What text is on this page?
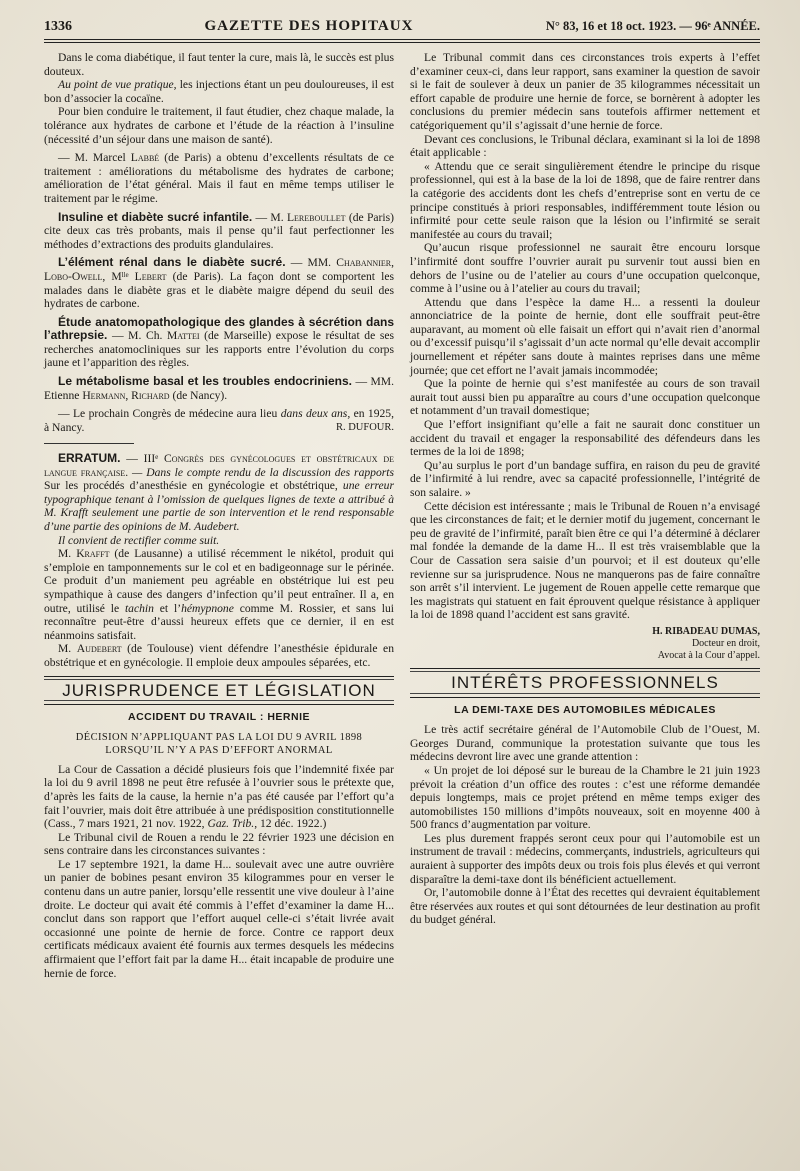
1336	GAZETTE DES HOPITAUX	N° 83, 16 et 18 oct. 1923. — 96ᵉ ANNÉE.

Dans le coma diabétique, il faut tenter la cure, mais là, le succès est plus douteux.

Au point de vue pratique, les injections étant un peu douloureuses, il est bon d’associer la cocaïne.

Pour bien conduire le traitement, il faut étudier, chez chaque malade, la tolérance aux hydrates de carbone et l’étude de la réaction à l’insuline (nécessité d’un séjour dans une maison de santé).

— M. Marcel Labbé (de Paris) a obtenu d’excellents résultats de ce traitement : améliorations du métabolisme des hydrates de carbone; amélioration de l’état général. Mais il faut en même temps utiliser le traitement par le régime.

Insuline et diabète sucré infantile. — M. Lereboullet (de Paris) cite deux cas très probants, mais il pense qu’il faut perfectionner les méthodes d’extractions des produits glandulaires.

L’élément rénal dans le diabète sucré. — MM. Chabannier, Lobo-Owell, Mˡˡᵉ Lebert (de Paris). La façon dont se comportent les malades dans le diabète gras et le diabète maigre dépend du seuil des hydrates de carbone.

Étude anatomopathologique des glandes à sécrétion dans l’athrepsie. — M. Ch. Mattei (de Marseille) expose le résultat de ses recherches anatomocliniques sur les rapports entre l’évolution du corps jaune et l’apparition des règles.

Le métabolisme basal et les troubles endocriniens. — MM. Etienne Hermann, Richard (de Nancy).

— Le prochain Congrès de médecine aura lieu dans deux ans, en 1925, à Nancy.	R. DUFOUR.

ERRATUM. — IIIᵉ Congrès des gynécologues et obstétricaux de langue française. — Dans le compte rendu de la discussion des rapports Sur les procédés d’anesthésie en gynécologie et obstétrique, une erreur typographique tenant à l’omission de quelques lignes de texte a attribué à M. Krafft seulement une partie de son intervention et le rend responsable d’une partie des opinions de M. Audebert.

Il convient de rectifier comme suit.

M. Krafft (de Lausanne) a utilisé récemment le nikétol, produit qui s’emploie en tamponnements sur le col et en badigeonnage sur le périnée. Ce produit d’un maniement peu agréable en obstétrique lui est peu sympathique à cause des dangers d’infection qu’il peut entraîner. Il a, en outre, utilisé le tachin et l’hémypnone comme M. Rossier, et sans lui reconnaître peut-être d’aussi heureux effets que ce dernier, il en est néanmoins satisfait.

M. Audebert (de Toulouse) vient défendre l’anesthésie épidurale en obstétrique et en gynécologie. Il emploie deux ampoules séparées, etc.

JURISPRUDENCE ET LÉGISLATION
ACCIDENT DU TRAVAIL : HERNIE
DÉCISION N’APPLIQUANT PAS LA LOI DU 9 AVRIL 1898
LORSQU’IL N’Y A PAS D’EFFORT ANORMAL

La Cour de Cassation a décidé plusieurs fois que l’indemnité fixée par la loi du 9 avril 1898 ne peut être refusée à l’ouvrier sous le prétexte que, d’après les faits de la cause, la hernie n’a pas été causée par l’effort qu’a fait l’ouvrier, mais doit être attribuée à une prédisposition constitutionnelle (Cass., 7 mars 1921, 21 nov. 1922, Gaz. Trib., 12 déc. 1922.)

Le Tribunal civil de Rouen a rendu le 22 février 1923 une décision en sens contraire dans les circonstances suivantes :

Le 17 septembre 1921, la dame H... soulevait avec une autre ouvrière un panier de bobines pesant environ 35 kilogrammes pour en verser le contenu dans un autre panier, lorsqu’elle ressentit une vive douleur à l’aine droite. Le docteur qui avait été commis à l’effet d’examiner la dame H... conclut dans son rapport que l’effort auquel celle-ci s’était livrée avait occasionné une pointe de hernie de force. Contre ce rapport deux certificats médicaux avaient été fournis aux termes desquels les médecins affirmaient que l’effort fait par la dame H... était incapable de produire une hernie de force.

Le Tribunal commit dans ces circonstances trois experts à l’effet d’examiner ceux-ci, dans leur rapport, sans examiner la question de savoir si le fait de soulever à deux un panier de 35 kilogrammes nécessitait un effort capable de produire une hernie de force, se bornèrent à adopter les conclusions du premier médecin sans toutefois affirmer nettement et catégoriquement qu’il s’agissait d’une hernie de force.

Devant ces conclusions, le Tribunal déclara, examinant si la loi de 1898 était applicable :

« Attendu que ce serait singulièrement étendre le principe du risque professionnel, qui est à la base de la loi de 1898, que de faire rentrer dans la catégorie des accidents dont les chefs d’entreprise sont en vertu de ce principe constitués à priori responsables, indifféremment toute lésion ou infirmité pour cette seule raison que la lésion ou l’infirmité se serait manifestée au cours du travail;

Qu’aucun risque professionnel ne saurait être encouru lorsque l’infirmité dont souffre l’ouvrier aurait pu survenir tout aussi bien en dehors de l’usine ou de l’atelier au cours d’une occupation quelconque, comme à l’usine ou à l’atelier au cours du travail;

Attendu que dans l’espèce la dame H... a ressenti la douleur annonciatrice de la pointe de hernie, dont elle souffrait peut-être auparavant, au moment où elle faisait un effort qui n’avait rien d’anormal ou d’excessif puisqu’il s’agissait d’un acte normal qu’elle devait accomplir journellement et répéter sans doute à maintes reprises dans une même journée; que cet effort ne l’avait jamais incommodée;

Que la pointe de hernie qui s’est manifestée au cours de son travail aurait tout aussi bien pu apparaître au cours d’une occupation quelconque et notamment d’un travail domestique;

Que l’effort insignifiant qu’elle a fait ne saurait donc constituer un accident du travail et engager la responsabilité des défendeurs dans les termes de la loi de 1898;

Qu’au surplus le port d’un bandage suffira, en raison du peu de gravité de l’infirmité à lui rendre, avec sa capacité professionnelle, l’intégrité de son salaire. »

Cette décision est intéressante ; mais le Tribunal de Rouen n’a envisagé que les circonstances de fait; et le dernier motif du jugement, concernant le peu de gravité de l’infirmité, paraît bien être ce qui l’a déterminé à déclarer mal fondée la demande de la dame H... Il est très vraisemblable que la Cour de Cassation sera saisie d’un pourvoi; et il est douteux qu’elle revienne sur sa jurisprudence. Nous ne manquerons pas de faire connaître son arrêt s’il intervient. Le jugement de Rouen appelle cette remarque que les magistrats qui statuent en fait éprouvent quelque résistance à appliquer la loi de 1898 quand l’accident est sans gravité.

H. RIBADEAU DUMAS,
Docteur en droit,
Avocat à la Cour d’appel.
INTÉRÊTS PROFESSIONNELS
LA DEMI-TAXE DES AUTOMOBILES MÉDICALES

Le très actif secrétaire général de l’Automobile Club de l’Ouest, M. Georges Durand, communique la protestation suivante que tous les médecins devront lire avec une grande attention :

« Un projet de loi déposé sur le bureau de la Chambre le 21 juin 1923 prévoit la création d’un office des routes : c’est une réforme demandée depuis longtemps, mais ce projet prétend en même temps exiger des automobilistes 150 millions d’impôts nouveaux, soit en moyenne 400 à 500 francs d’augmentation par voiture.

Les plus durement frappés seront ceux pour qui l’automobile est un instrument de travail : médecins, commerçants, industriels, agriculteurs qui auraient à supporter des impôts deux ou trois fois plus élevés et qui verront disparaître la demi-taxe dont ils bénéficient actuellement.

Or, l’automobile donne à l’État des recettes qui devraient équitablement être réservées aux routes et qui sont détournées de leur destination au profit du budget général.
